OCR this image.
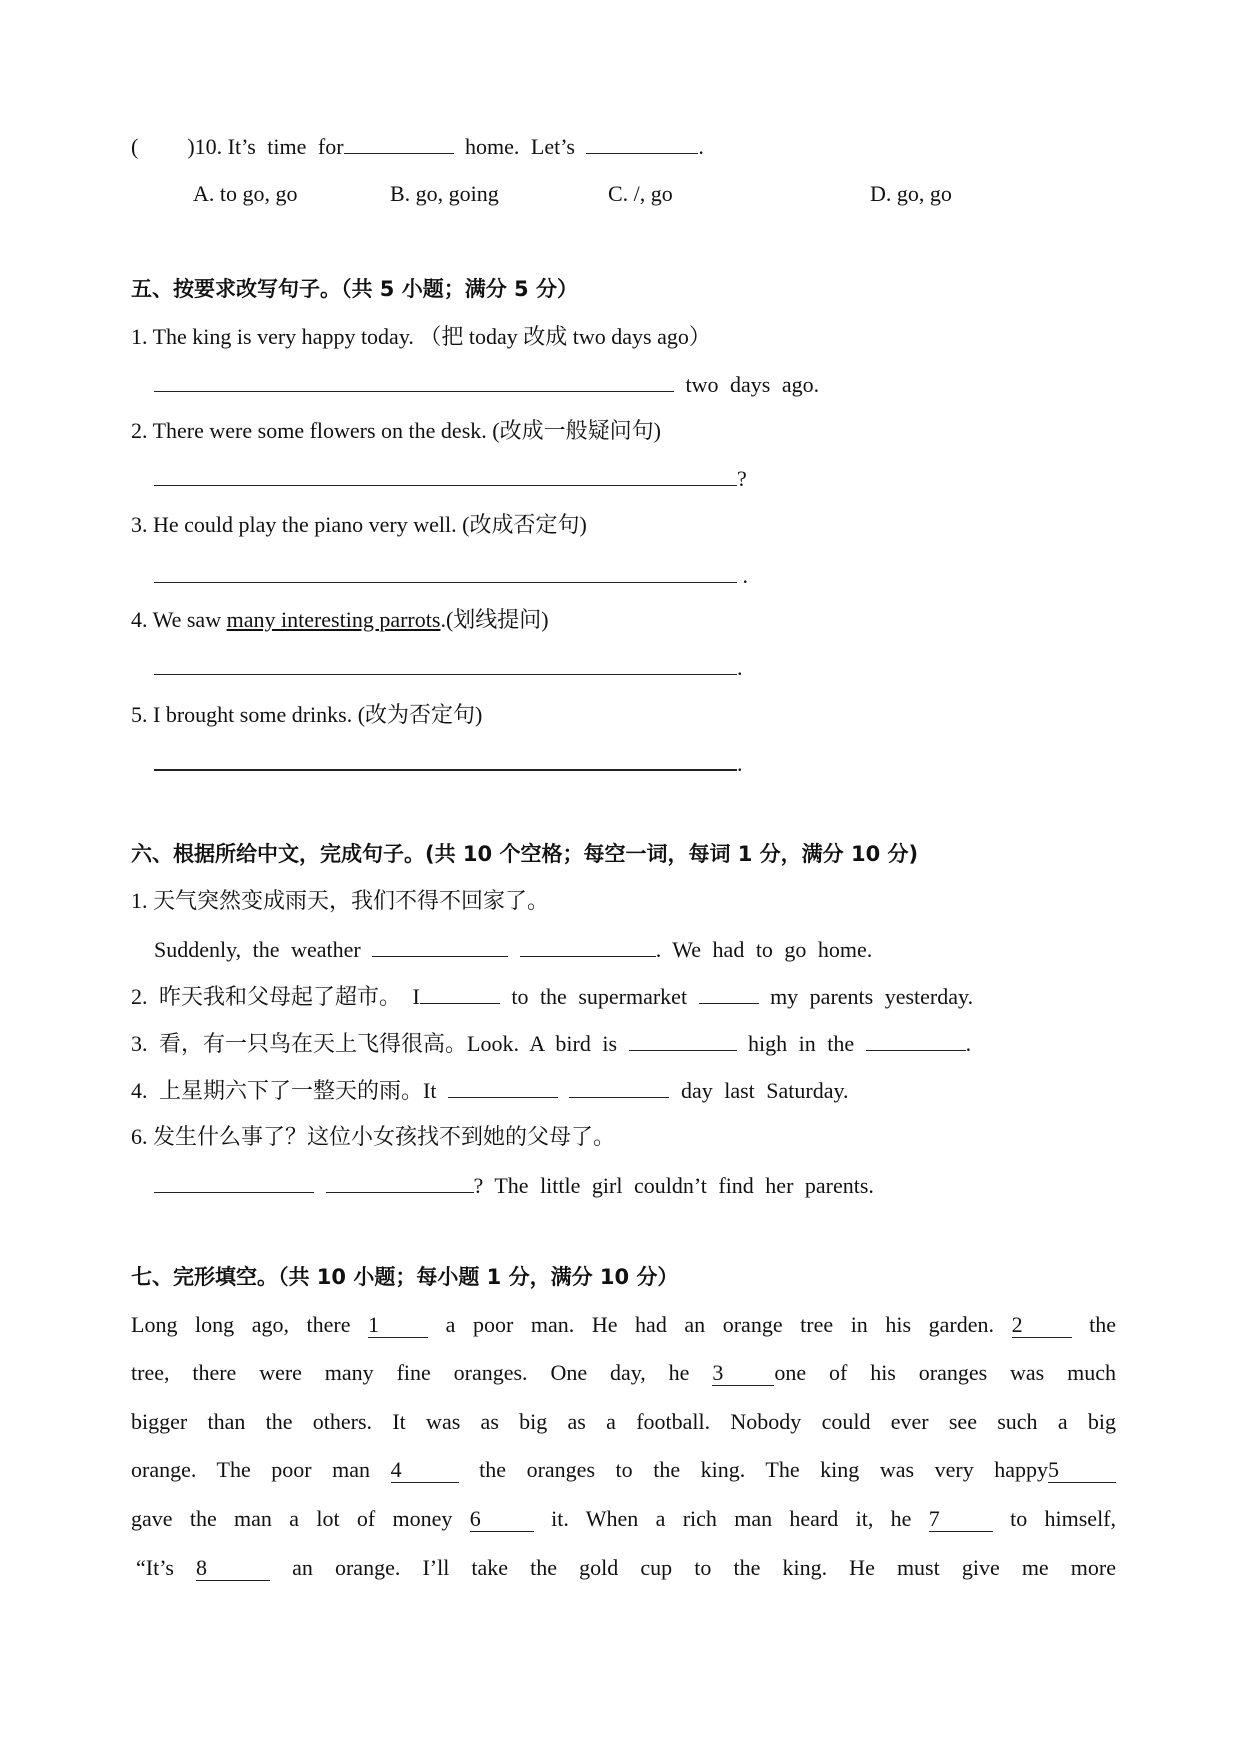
( )10. It’s time for	home. Let’s	.
A. to go, go	B. go, going	C. /, go	D. go, go
五、按要求改写句子。（共 5 小题；满分 5 分）
1. The king is very happy today. （把 today 改成 two days ago）
two days ago.
2. There were some flowers on the desk. (改成一般疑问句)
?
3. He could play the piano very well. (改成否定句)
.
4. We saw many interesting parrots.(划线提问)
.
5. I brought some drinks. (改为否定句)
.
六、根据所给中文，完成句子。(共 10 个空格；每空一词，每词 1 分，满分 10 分)
1. 天气突然变成雨天，我们不得不回家了。
Suddenly, the weather	. We had to go home.
2. 昨天我和父母起了超市。 I	to the supermarket	my parents yesterday.
3. 看，有一只鸟在天上飞得很高。Look. A bird is	high in the	.
4. 上星期六下了一整天的雨。It	day last Saturday.
6. 发生什么事了？这位小女孩找不到她的父母了。
? The little girl couldn’t find her parents.
七、完形填空。（共 10 小题；每小题 1 分，满分 10 分）
Long long ago, there 1	a poor man. He had an orange tree in his garden. 2	the
tree, there were many fine oranges. One day, he 3 one of his oranges was much
bigger than the others. It was as big as a football. Nobody could ever see such a big
orange. The poor man 4	the oranges to the king. The king was very happy5
gave the man a lot of money 6	it. When a rich man heard it, he 7	to himself,
“It’s 8	an orange. I’ll take the gold cup to the king. He must give me more
